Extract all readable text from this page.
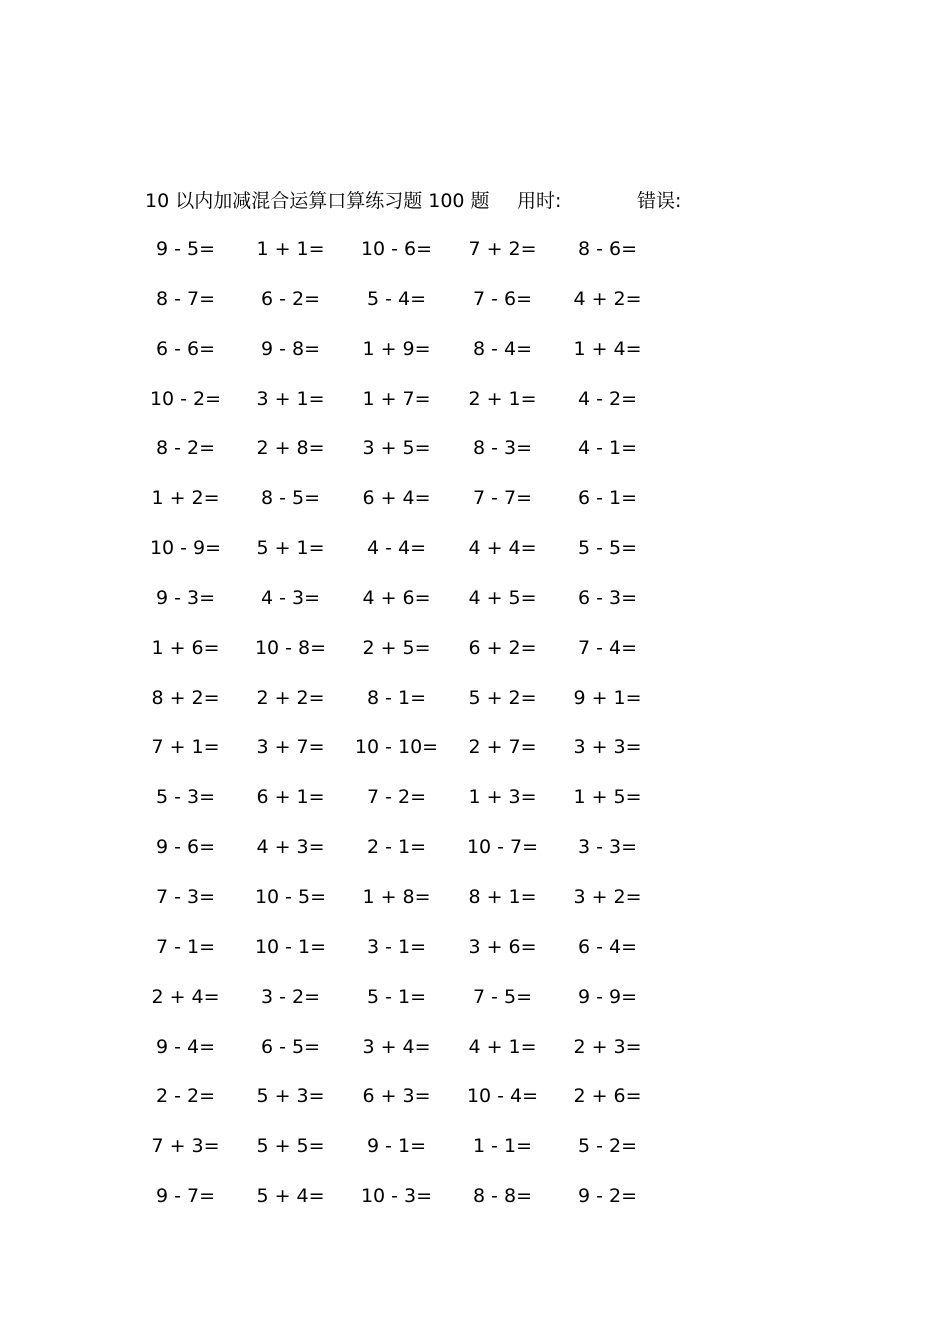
10 以内加减混合运算口算练习题 100 题 用时:	错误:
9 - 5=	1 + 1=	10 - 6=	7 + 2=	8 - 6=
8 - 7=	6 - 2=	5 - 4=	7 - 6=	4 + 2=
6 - 6=	9 - 8=	1 + 9=	8 - 4=	1 + 4=
10 - 2=	3 + 1=	1 + 7=	2 + 1=	4 - 2=
8 - 2=	2 + 8=	3 + 5=	8 - 3=	4 - 1=
1 + 2=	8 - 5=	6 + 4=	7 - 7=	6 - 1=
10 - 9=	5 + 1=	4 - 4=	4 + 4=	5 - 5=
9 - 3=	4 - 3=	4 + 6=	4 + 5=	6 - 3=
1 + 6=	10 - 8=	2 + 5=	6 + 2=	7 - 4=
8 + 2=	2 + 2=	8 - 1=	5 + 2=	9 + 1=
7 + 1=	3 + 7=	10 - 10=	2 + 7=	3 + 3=
5 - 3=	6 + 1=	7 - 2=	1 + 3=	1 + 5=
9 - 6=	4 + 3=	2 - 1=	10 - 7=	3 - 3=
7 - 3=	10 - 5=	1 + 8=	8 + 1=	3 + 2=
7 - 1=	10 - 1=	3 - 1=	3 + 6=	6 - 4=
2 + 4=	3 - 2=	5 - 1=	7 - 5=	9 - 9=
9 - 4=	6 - 5=	3 + 4=	4 + 1=	2 + 3=
2 - 2=	5 + 3=	6 + 3=	10 - 4=	2 + 6=
7 + 3=	5 + 5=	9 - 1=	1 - 1=	5 - 2=
9 - 7=	5 + 4=	10 - 3=	8 - 8=	9 - 2=
